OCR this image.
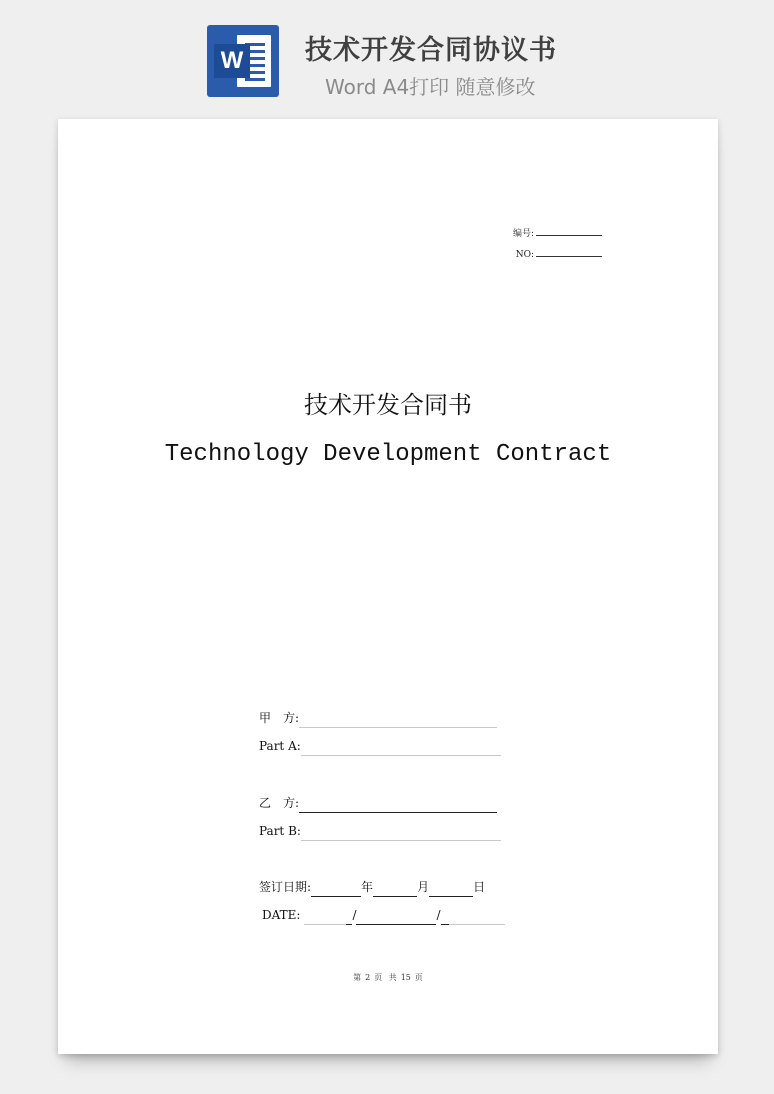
W 技术开发合同协议书
Word A4打印 随意修改
编号:
NO:
技术开发合同书
Technology Development Contract
甲　方:
Part A:
乙　方:
Part B:
签订日期:	年	月	日
DATE:	/	/
第 2 页 共 15 页
